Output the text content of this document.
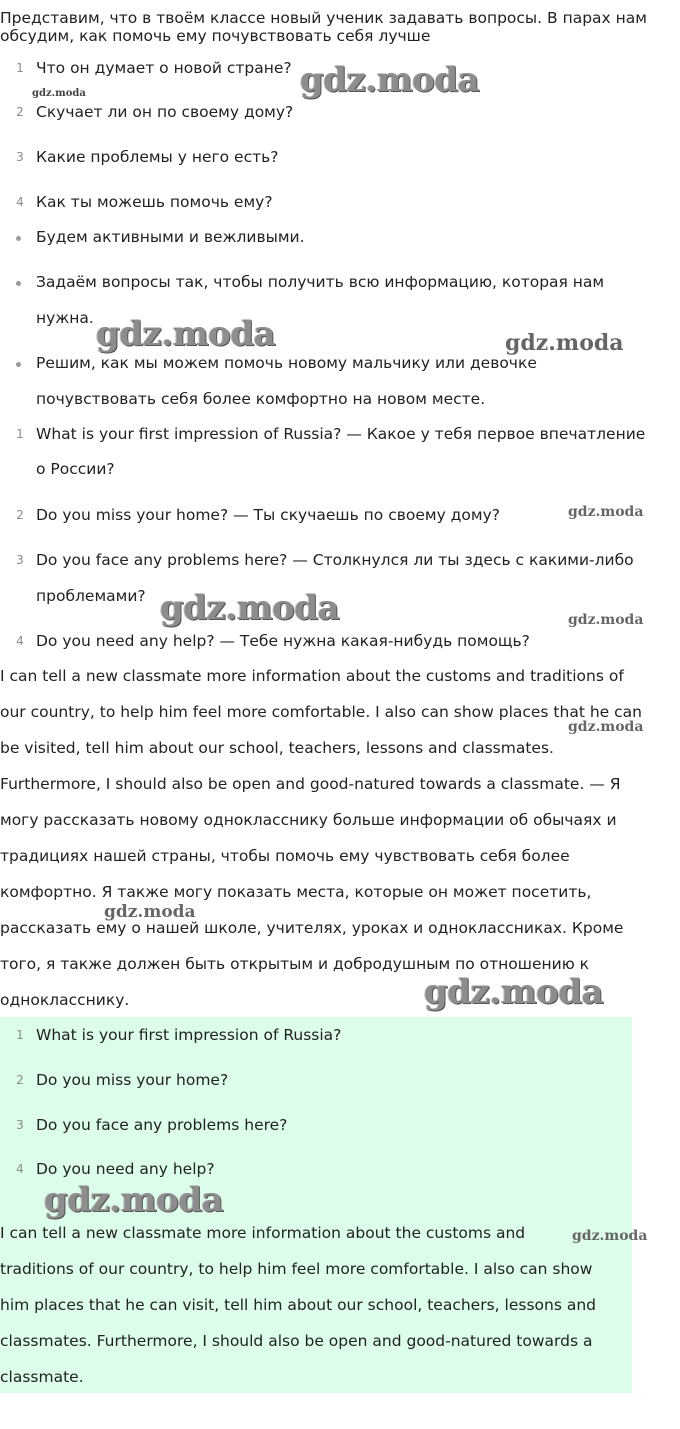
Представим, что в твоём классе новый ученик задавать вопросы. В парах нам
обсудим, как помочь ему почувствовать себя лучше
1 Что он думает о новой стране?
2 Скучает ли он по своему дому?
3 Какие проблемы у него есть?
4 Как ты можешь помочь ему?
Будем активными и вежливыми.
Задаём вопросы так, чтобы получить всю информацию, которая нам
нужна.
Решим, как мы можем помочь новому мальчику или девочке
почувствовать себя более комфортно на новом месте.
1 What is your first impression of Russia? — Какое у тебя первое впечатление
о России?
2 Do you miss your home? — Ты скучаешь по своему дому?
3 Do you face any problems here? — Столкнулся ли ты здесь с какими-либо
проблемами?
4 Do you need any help? — Тебе нужна какая-нибудь помощь?
I can tell a new classmate more information about the customs and traditions of
our country, to help him feel more comfortable. I also can show places that he can
be visited, tell him about our school, teachers, lessons and classmates.
Furthermore, I should also be open and good-natured towards a classmate. — Я
могу рассказать новому однокласснику больше информации об обычаях и
традициях нашей страны, чтобы помочь ему чувствовать себя более
комфортно. Я также могу показать места, которые он может посетить,
рассказать ему о нашей школе, учителях, уроках и одноклассниках. Кроме
того, я также должен быть открытым и добродушным по отношению к
однокласснику.
1 What is your first impression of Russia?
2 Do you miss your home?
3 Do you face any problems here?
4 Do you need any help?
I can tell a new classmate more information about the customs and
traditions of our country, to help him feel more comfortable. I also can show
him places that he can visit, tell him about our school, teachers, lessons and
classmates. Furthermore, I should also be open and good-natured towards a
classmate.
gdz.moda
gdz.moda
gdz.moda	gdz.moda
gdz.moda
gdz.moda	gdz.moda
gdz.moda
gdz.moda
gdz.moda
gdz.moda
gdz.moda
